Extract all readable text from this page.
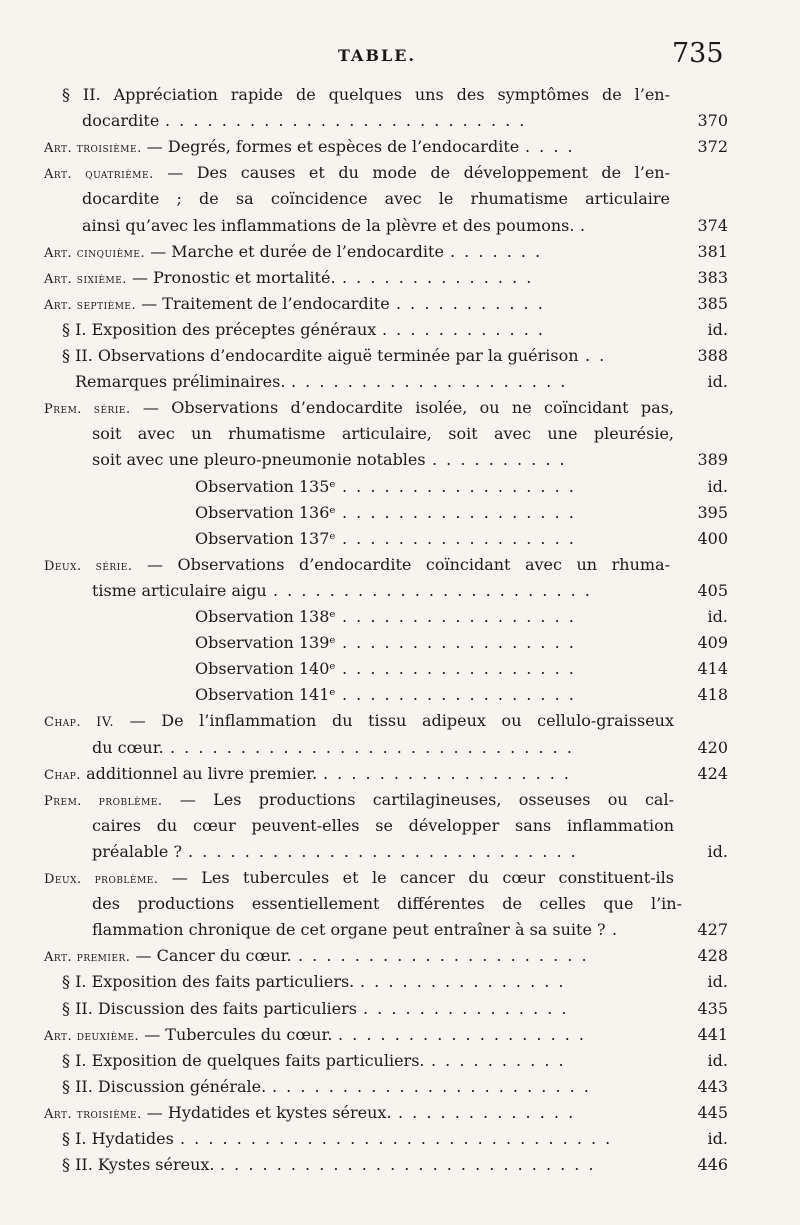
TABLE.	735
§ II. Appréciation rapide de quelques uns des symptômes de l’en-
docardite . . . . . . . . . . . . . . . . . . . . . . . . . .	370
Art. troisième. — Degrés, formes et espèces de l’endocardite . . . .	372
Art. quatrième. — Des causes et du mode de développement de l’en-
docardite ; de sa coïncidence avec le rhumatisme articulaire
ainsi qu’avec les inflammations de la plèvre et des poumons. .	374
Art. cinquième. — Marche et durée de l’endocardite . . . . . . .	381
Art. sixième. — Pronostic et mortalité. . . . . . . . . . . . . . .	383
Art. septième. — Traitement de l’endocardite . . . . . . . . . . .	385
§ I. Exposition des préceptes généraux . . . . . . . . . . . .	id.
§ II. Observations d’endocardite aiguë terminée par la guérison . .	388
Remarques préliminaires. . . . . . . . . . . . . . . . . . . . .	id.
Prem. série. — Observations d’endocardite isolée, ou ne coïncidant pas,
soit avec un rhumatisme articulaire, soit avec une pleurésie,
soit avec une pleuro-pneumonie notables . . . . . . . . . .	389
Observation 135ᵉ . . . . . . . . . . . . . . . . .	id.
Observation 136ᵉ . . . . . . . . . . . . . . . . .	395
Observation 137ᵉ . . . . . . . . . . . . . . . . .	400
Deux. série. — Observations d’endocardite coïncidant avec un rhuma-
tisme articulaire aigu . . . . . . . . . . . . . . . . . . . . . . .	405
Observation 138ᵉ . . . . . . . . . . . . . . . . .	id.
Observation 139ᵉ . . . . . . . . . . . . . . . . .	409
Observation 140ᵉ . . . . . . . . . . . . . . . . .	414
Observation 141ᵉ . . . . . . . . . . . . . . . . .	418
Chap. IV. — De l’inflammation du tissu adipeux ou cellulo-graisseux
du cœur. . . . . . . . . . . . . . . . . . . . . . . . . . . . . .	420
Chap. additionnel au livre premier. . . . . . . . . . . . . . . . . . .	424
Prem. problème. — Les productions cartilagineuses, osseuses ou cal-
caires du cœur peuvent-elles se développer sans inflammation
préalable ? . . . . . . . . . . . . . . . . . . . . . . . . . . . .	id.
Deux. problème. — Les tubercules et le cancer du cœur constituent-ils
des productions essentiellement différentes de celles que l’in-
flammation chronique de cet organe peut entraîner à sa suite ? .	427
Art. premier. — Cancer du cœur. . . . . . . . . . . . . . . . . . . . . .	428
§ I. Exposition des faits particuliers. . . . . . . . . . . . . . . .	id.
§ II. Discussion des faits particuliers . . . . . . . . . . . . . . .	435
Art. deuxième. — Tubercules du cœur. . . . . . . . . . . . . . . . . . .	441
§ I. Exposition de quelques faits particuliers. . . . . . . . . . .	id.
§ II. Discussion générale. . . . . . . . . . . . . . . . . . . . . . . .	443
Art. troisième. — Hydatides et kystes séreux. . . . . . . . . . . . . .	445
§ I. Hydatides . . . . . . . . . . . . . . . . . . . . . . . . . . . . . . .	id.
§ II. Kystes séreux. . . . . . . . . . . . . . . . . . . . . . . . . . . .	446
